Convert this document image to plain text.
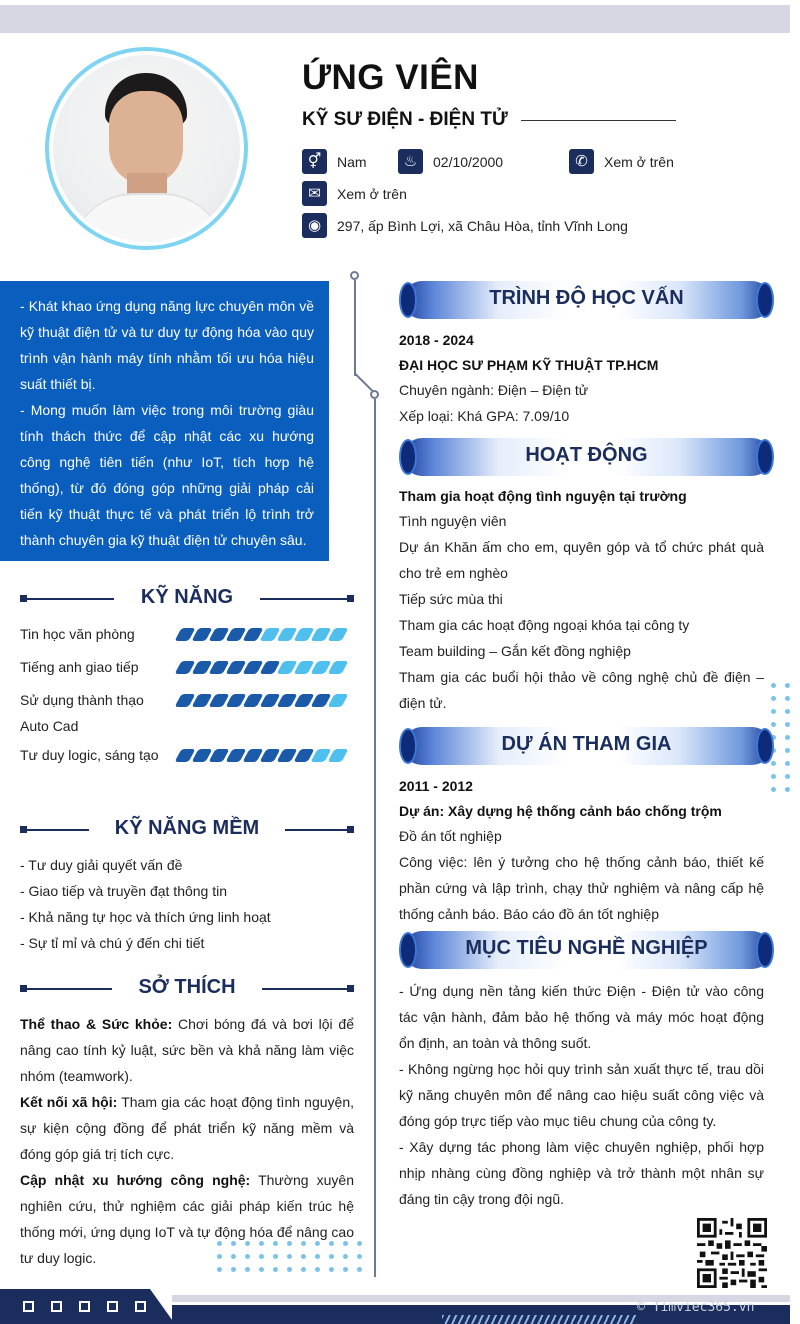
ỨNG VIÊN
KỸ SƯ ĐIỆN - ĐIỆN TỬ
⚥	Nam	♨	02/10/2000	✆	Xem ở trên
✉	Xem ở trên
◉	297, ấp Bình Lợi, xã Châu Hòa, tỉnh Vĩnh Long

- Khát khao ứng dụng năng lực chuyên môn về kỹ thuật điện tử và tư duy tự động hóa vào quy trình vận hành máy tính nhằm tối ưu hóa hiệu suất thiết bị.

- Mong muốn làm việc trong môi trường giàu tính thách thức để cập nhật các xu hướng công nghệ tiên tiến (như IoT, tích hợp hệ thống), từ đó đóng góp những giải pháp cải tiến kỹ thuật thực tế và phát triển lộ trình trở thành chuyên gia kỹ thuật điện tử chuyên sâu.

KỸ NĂNG
Tin học văn phòng
Tiếng anh giao tiếp
Sử dụng thành thạo Auto Cad
Tư duy logic, sáng tạo
KỸ NĂNG MỀM
- Tư duy giải quyết vấn đề
- Giao tiếp và truyền đạt thông tin
- Khả năng tự học và thích ứng linh hoạt
- Sự tỉ mỉ và chú ý đến chi tiết
SỞ THÍCH
Thể thao & Sức khỏe: Chơi bóng đá và bơi lội để nâng cao tính kỷ luật, sức bền và khả năng làm việc nhóm (teamwork).
Kết nối xã hội: Tham gia các hoạt động tình nguyện, sự kiện cộng đồng để phát triển kỹ năng mềm và đóng góp giá trị tích cực.
Cập nhật xu hướng công nghệ: Thường xuyên nghiên cứu, thử nghiệm các giải pháp kiến trúc hệ thống mới, ứng dụng IoT và tự động hóa để nâng cao tư duy logic.
TRÌNH ĐỘ HỌC VẤN
2018 - 2024
ĐẠI HỌC SƯ PHẠM KỸ THUẬT TP.HCM
Chuyên ngành: Điện – Điện tử
Xếp loại: Khá GPA: 7.09/10
HOẠT ĐỘNG
Tham gia hoạt động tình nguyện tại trường
Tình nguyện viên
Dự án Khăn ấm cho em, quyên góp và tổ chức phát quà cho trẻ em nghèo
Tiếp sức mùa thi
Tham gia các hoạt động ngoại khóa tại công ty
Team building – Gắn kết đồng nghiệp
Tham gia các buổi hội thảo về công nghệ chủ đề điện – điện tử.
DỰ ÁN THAM GIA
2011 - 2012
Dự án: Xây dựng hệ thống cảnh báo chống trộm
Đồ án tốt nghiệp
Công việc: lên ý tưởng cho hệ thống cảnh báo, thiết kế phần cứng và lập trình, chạy thử nghiệm và nâng cấp hệ thống cảnh báo. Báo cáo đồ án tốt nghiệp
MỤC TIÊU NGHỀ NGHIỆP
- Ứng dụng nền tảng kiến thức Điện - Điện tử vào công tác vận hành, đảm bảo hệ thống và máy móc hoạt động ổn định, an toàn và thông suốt.
- Không ngừng học hỏi quy trình sản xuất thực tế, trau dồi kỹ năng chuyên môn để nâng cao hiệu suất công việc và đóng góp trực tiếp vào mục tiêu chung của công ty.
- Xây dựng tác phong làm việc chuyên nghiệp, phối hợp nhịp nhàng cùng đồng nghiệp và trở thành một nhân sự đáng tin cậy trong đội ngũ.
© Timviec365.vn
